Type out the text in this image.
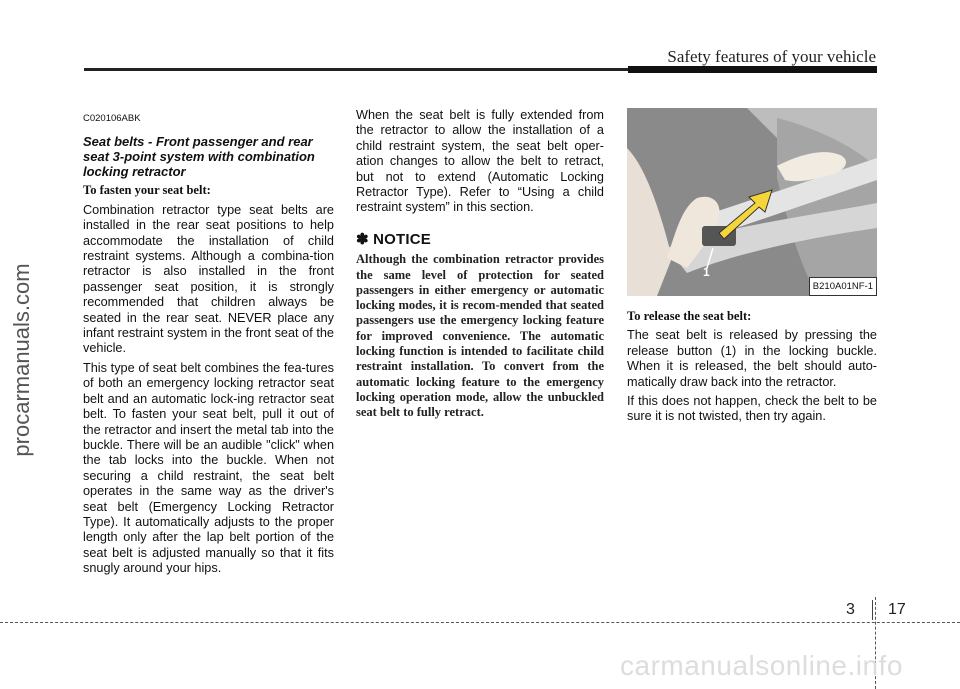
Safety features of your vehicle
procarmanuals.com

C020106ABK

Seat belts - Front passenger and rear seat 3-point system with combination locking retractor

To fasten your seat belt:

Combination retractor type seat belts are installed in the rear seat positions to help accommodate the installation of child restraint systems. Although a combina-tion retractor is also installed in the front passenger seat position, it is strongly recommended that children always be seated in the rear seat. NEVER place any infant restraint system in the front seat of the vehicle.

This type of seat belt combines the fea-tures of both an emergency locking retractor seat belt and an automatic lock-ing retractor seat belt. To fasten your seat belt, pull it out of the retractor and insert the metal tab into the buckle. There will be an audible "click" when the tab locks into the buckle. When not securing a child restraint, the seat belt operates in the same way as the driver's seat belt (Emergency Locking Retractor Type). It automatically adjusts to the proper length only after the lap belt portion of the seat belt is adjusted manually so that it fits snugly around your hips.

When the seat belt is fully extended from the retractor to allow the installation of a child restraint system, the seat belt oper-ation changes to allow the belt to retract, but not to extend (Automatic Locking Retractor Type). Refer to “Using a child restraint system” in this section.

✽ NOTICE

Although the combination retractor provides the same level of protection for seated passengers in either emergency or automatic locking modes, it is recom-mended that seated passengers use the emergency locking feature for improved convenience. The automatic locking function is intended to facilitate child restraint installation. To convert from the automatic locking feature to the emergency locking operation mode, allow the unbuckled seat belt to fully retract.

1
B210A01NF-1

To release the seat belt:

The seat belt is released by pressing the release button (1) in the locking buckle. When it is released, the belt should auto-matically draw back into the retractor.

If this does not happen, check the belt to be sure it is not twisted, then try again.

3 17
carmanualsonline.info
